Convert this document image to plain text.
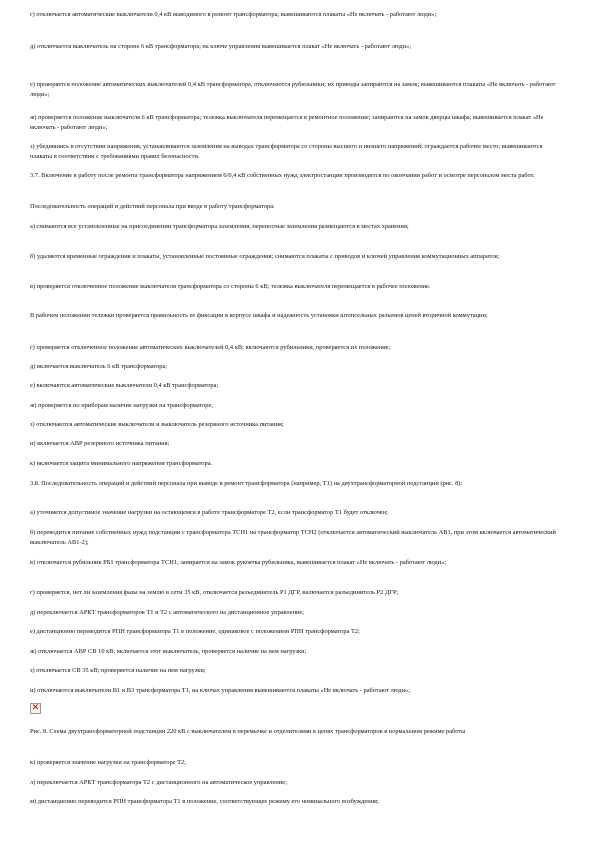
г) отключается автоматические выключатели 0,4 кВ выводимого в ремонт трансформатора; вывешиваются плакаты «Не включать - работают люди»;

д) отключается выключатель на стороне 6 кВ трансформатора; на ключе управления вывешивается плакат «Не включать - работают люди»;

е) проверяется положение автоматических выключателей 0,4 кВ трансформатора, отключаются рубильники; их приводы запираются на замок; вывешиваются плакаты «Не включать - работают люди»;

ж) проверяется положение выключателя 6 кВ трансформатора; тележка выключателя перемещается в ремонтное положение; запираются на замок дверцы шкафа; вывешивается плакат «Не включать - работают люди»;

з) убедившись в отсутствии напряжения, устанавливаются заземления на выводах трансформатора со стороны высшего и низшего напряжений; ограждается рабочее место; вывешиваются плакаты в соответствии с требованиями правил безопасности.

3.7. Включение в работу после ремонта трансформатора напряжением 6/0,4 кВ собственных нужд электростанции производится по окончании работ и осмотре персоналом места работ.

Последовательность операций и действий персонала при вводе в работу трансформатора:

а) снимаются все установленные на присоединении трансформатора заземления, переносные заземления размещаются в местах хранения;

б) удаляются временные ограждения и плакаты, установленные постоянные ограждения; снимаются плакаты с приводов и ключей управления коммутационных аппаратов;

в) проверяется отключенное положение выключателя трансформатора со стороны 6 кВ; тележка выключателя перемещается в рабочее положение.

В рабочем положении тележки проверяется правильность ее фиксации в корпусе шкафа и надежность установки штепсельных разъемов цепей вторичной коммутации;

г) проверяется отключенное положение автоматических выключателей 0,4 кВ; включаются рубильники, проверяется их положение;

д) включается выключатель 6 кВ трансформатора;

е) включаются автоматические выключатели 0,4 кВ трансформатора;

ж) проверяется по приборам наличие нагрузки на трансформаторе;

з) отключаются автоматические выключатели и выключатель резервного источника питания;

и) включается АВР резервного источника питания;

к) включается защита минимального напряжения трансформатора.

3.8. Последовательность операций и действий персонала при выводе в ремонт трансформатора (например, Т1) на двухтрансформаторной подстанции (рис. 8):

а) уточняется допустимое значение нагрузки на остающемся в работе трансформаторе Т2, если трансформатор Т1 будет отключен;

б) переводится питание собственных нужд подстанции с трансформатора ТСН1 на трансформатор ТСН2 (отключается автоматический выключатель АВ1, при этом включается автоматический выключатель АВ1-2);

в) отключается рубильник РБ1 трансформатора ТСН1, запирается на замок рукоятка рубильника, вывешивается плакат «Не включать - работают люди»;

г) проверяется, нет ли заземления фазы на землю в сети 35 кВ, отключается разъединитель Р1 ДГР, включается разъединитель Р2 ДГР;

д) переключается АРКТ трансформаторов Т1 и Т2 с автоматического на дистанционное управление;

е) дистанционно переводится РПН трансформатора Т1 в положение, одинаковое с положением РПН трансформатора Т2;

ж) отключается АВР СВ 10 кВ; включается этот выключатель, проверяется наличие на нем нагрузки;

з) отключается СВ 35 кВ; проверяется наличие на нем нагрузки;

и) отключаются выключатели В1 и В3 трансформатора Т1, на ключах управления вывешиваются плакаты «Не включать - работают люди»;

✕

Рис. 8. Схема двухтрансформаторной подстанции 220 кВ с выключателем в перемычке и отделителями в цепях трансформаторов в нормальном режиме работы

к) проверяется значение нагрузки на трансформаторе Т2;

л) переключается АРКТ трансформатора Т2 с дистанционного на автоматическое управление;

м) дистанционно переводится РПН трансформатора Т1 в положение, соответствующее режиму его номинального возбуждения;
